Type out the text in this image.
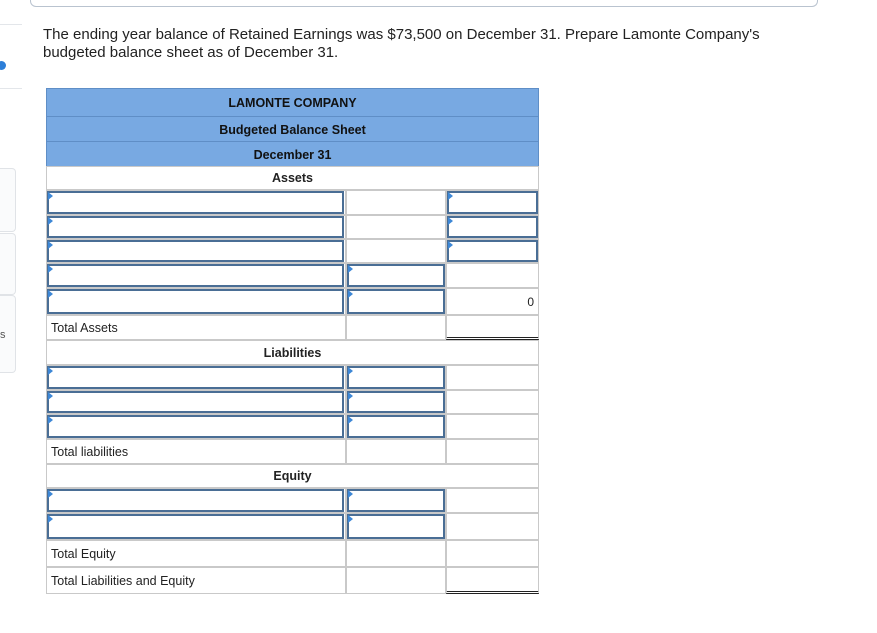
s
The ending year balance of Retained Earnings was $73,500 on December 31. Prepare Lamonte Company's budgeted balance sheet as of December 31.
LAMONTE COMPANY
Budgeted Balance Sheet
December 31
Assets
0
Total Assets
Liabilities
Total liabilities
Equity
Total Equity
Total Liabilities and Equity
